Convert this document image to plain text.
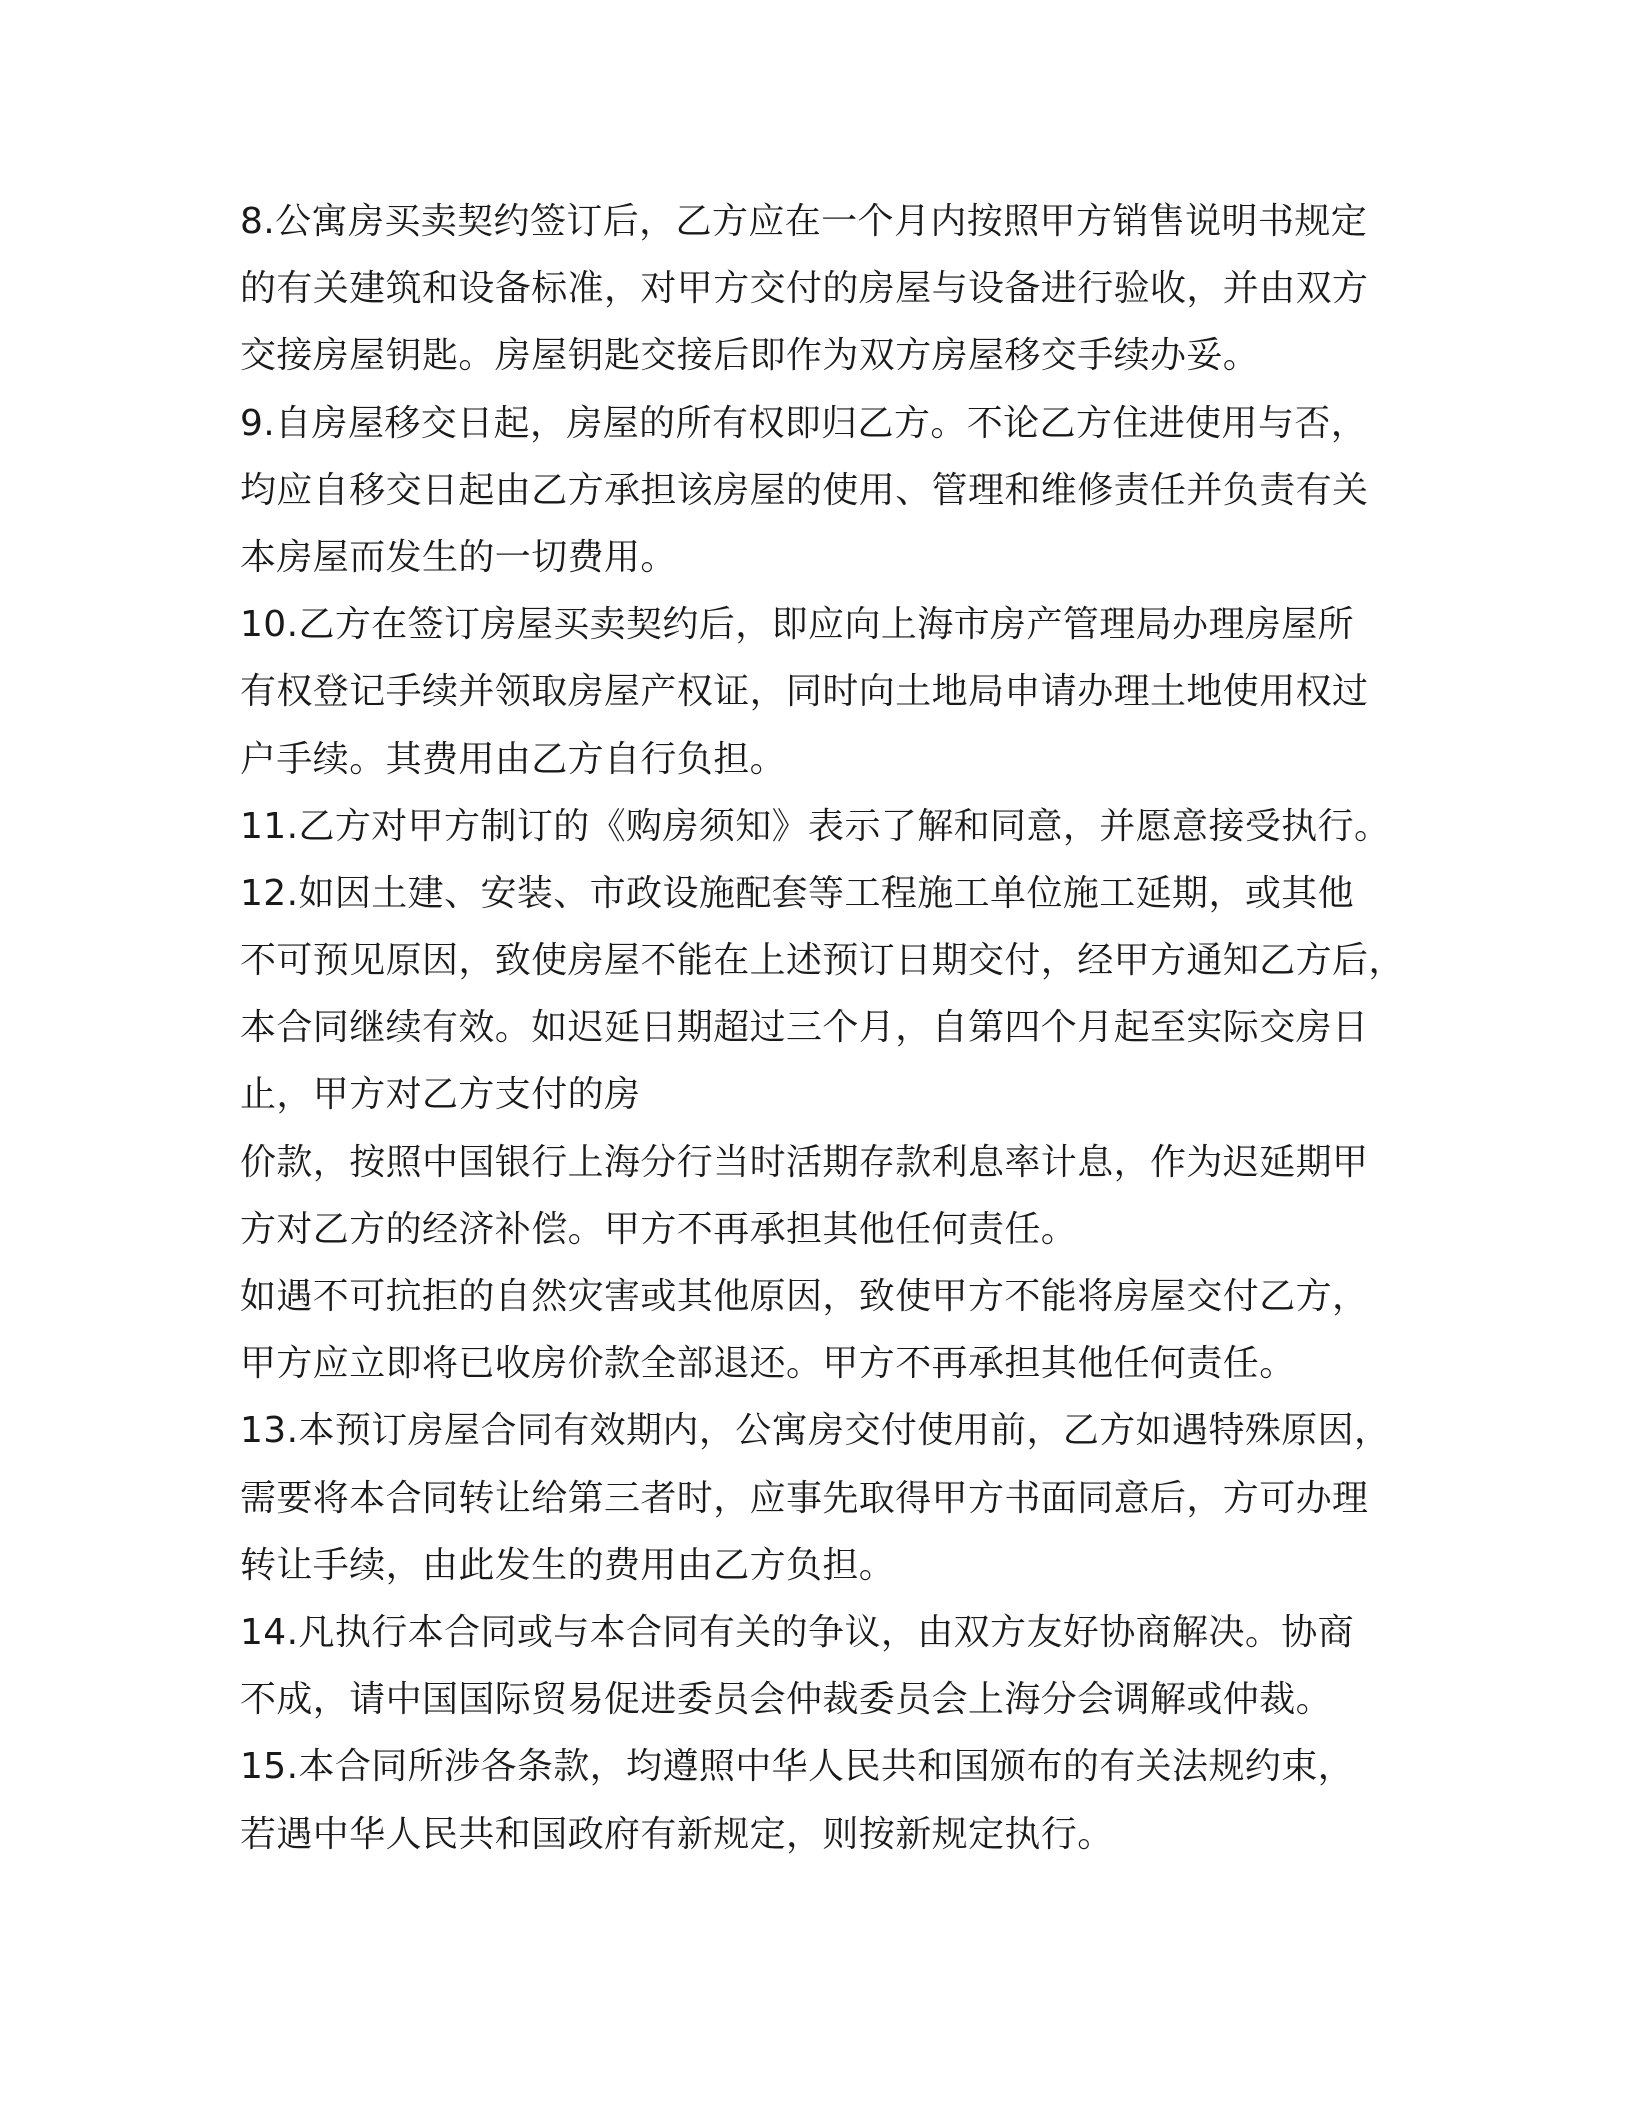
8.公寓房买卖契约签订后，乙方应在一个月内按照甲方销售说明书规定
的有关建筑和设备标准，对甲方交付的房屋与设备进行验收，并由双方
交接房屋钥匙。房屋钥匙交接后即作为双方房屋移交手续办妥。
9.自房屋移交日起，房屋的所有权即归乙方。不论乙方住进使用与否，
均应自移交日起由乙方承担该房屋的使用、管理和维修责任并负责有关
本房屋而发生的一切费用。
10.乙方在签订房屋买卖契约后，即应向上海市房产管理局办理房屋所
有权登记手续并领取房屋产权证，同时向土地局申请办理土地使用权过
户手续。其费用由乙方自行负担。
11.乙方对甲方制订的《购房须知》表示了解和同意，并愿意接受执行。
12.如因土建、安装、市政设施配套等工程施工单位施工延期，或其他
不可预见原因，致使房屋不能在上述预订日期交付，经甲方通知乙方后，
本合同继续有效。如迟延日期超过三个月，自第四个月起至实际交房日
止，甲方对乙方支付的房
价款，按照中国银行上海分行当时活期存款利息率计息，作为迟延期甲
方对乙方的经济补偿。甲方不再承担其他任何责任。
如遇不可抗拒的自然灾害或其他原因，致使甲方不能将房屋交付乙方，
甲方应立即将已收房价款全部退还。甲方不再承担其他任何责任。
13.本预订房屋合同有效期内，公寓房交付使用前，乙方如遇特殊原因，
需要将本合同转让给第三者时，应事先取得甲方书面同意后，方可办理
转让手续，由此发生的费用由乙方负担。
14.凡执行本合同或与本合同有关的争议，由双方友好协商解决。协商
不成，请中国国际贸易促进委员会仲裁委员会上海分会调解或仲裁。
15.本合同所涉各条款，均遵照中华人民共和国颁布的有关法规约束，
若遇中华人民共和国政府有新规定，则按新规定执行。
